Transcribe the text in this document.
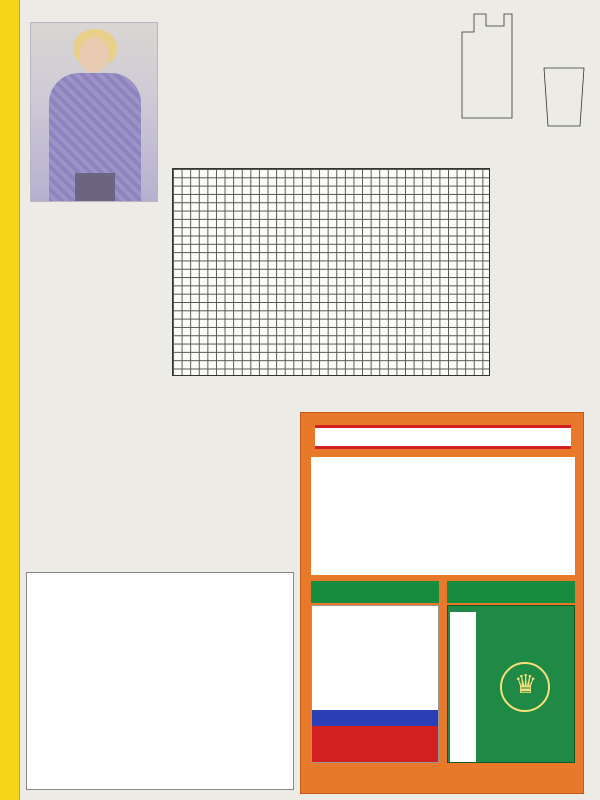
♛
